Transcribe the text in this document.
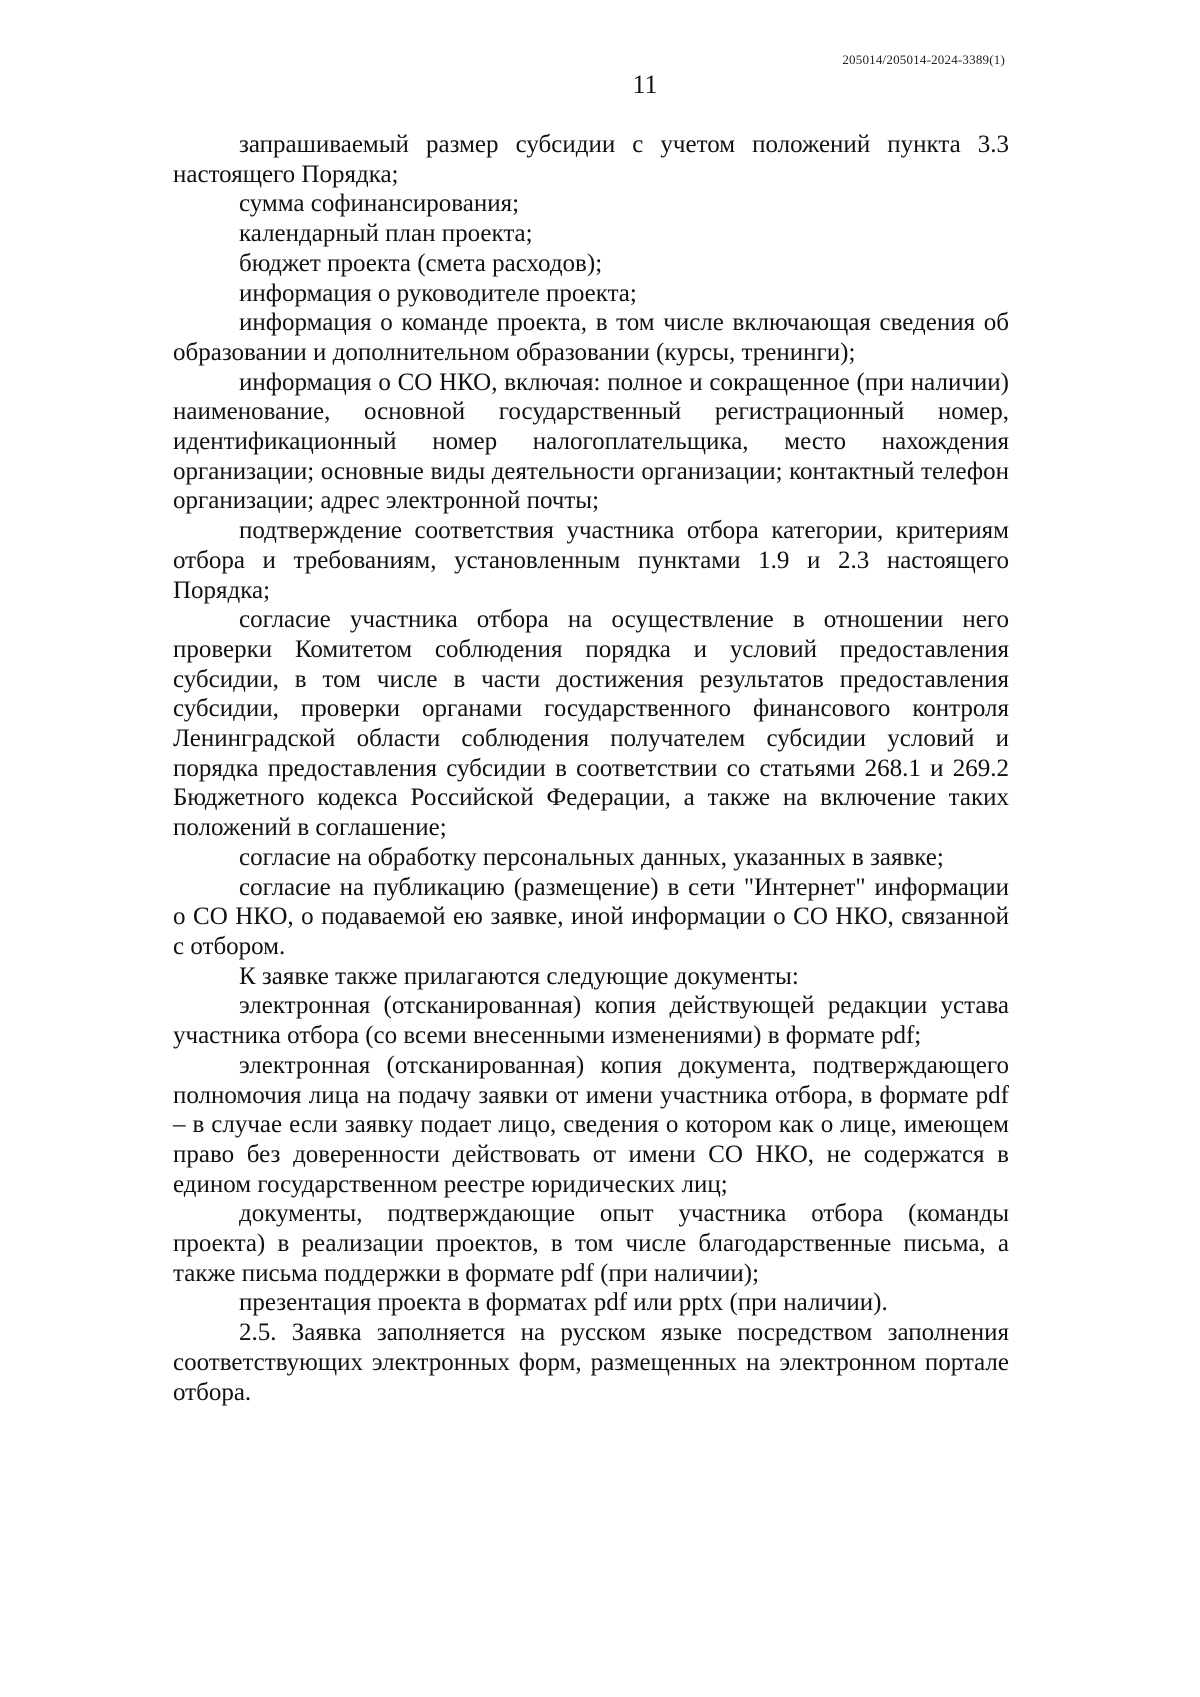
205014/205014-2024-3389(1)
11

запрашиваемый размер субсидии с учетом положений пункта 3.3 настоящего Порядка;

сумма софинансирования;

календарный план проекта;

бюджет проекта (смета расходов);

информация о руководителе проекта;

информация о команде проекта, в том числе включающая сведения об образовании и дополнительном образовании (курсы, тренинги);

информация о СО НКО, включая: полное и сокращенное (при наличии) наименование, основной государственный регистрационный номер, идентификационный номер налогоплательщика, место нахождения организации; основные виды деятельности организации; контактный телефон организации; адрес электронной почты;

подтверждение соответствия участника отбора категории, критериям отбора и требованиям, установленным пунктами 1.9 и 2.3 настоящего Порядка;

согласие участника отбора на осуществление в отношении него проверки Комитетом соблюдения порядка и условий предоставления субсидии, в том числе в части достижения результатов предоставления субсидии, проверки органами государственного финансового контроля Ленинградской области соблюдения получателем субсидии условий и порядка предоставления субсидии в соответствии со статьями 268.1 и 269.2 Бюджетного кодекса Российской Федерации, а также на включение таких положений в соглашение;

согласие на обработку персональных данных, указанных в заявке;

согласие на публикацию (размещение) в сети "Интернет" информации о СО НКО, о подаваемой ею заявке, иной информации о СО НКО, связанной с отбором.

К заявке также прилагаются следующие документы:

электронная (отсканированная) копия действующей редакции устава участника отбора (со всеми внесенными изменениями) в формате pdf;

электронная (отсканированная) копия документа, подтверждающего полномочия лица на подачу заявки от имени участника отбора, в формате pdf – в случае если заявку подает лицо, сведения о котором как о лице, имеющем право без доверенности действовать от имени СО НКО, не содержатся в едином государственном реестре юридических лиц;

документы, подтверждающие опыт участника отбора (команды проекта) в реализации проектов, в том числе благодарственные письма, а также письма поддержки в формате pdf (при наличии);

презентация проекта в форматах pdf или pptx (при наличии).

2.5. Заявка заполняется на русском языке посредством заполнения соответствующих электронных форм, размещенных на электронном портале отбора.
